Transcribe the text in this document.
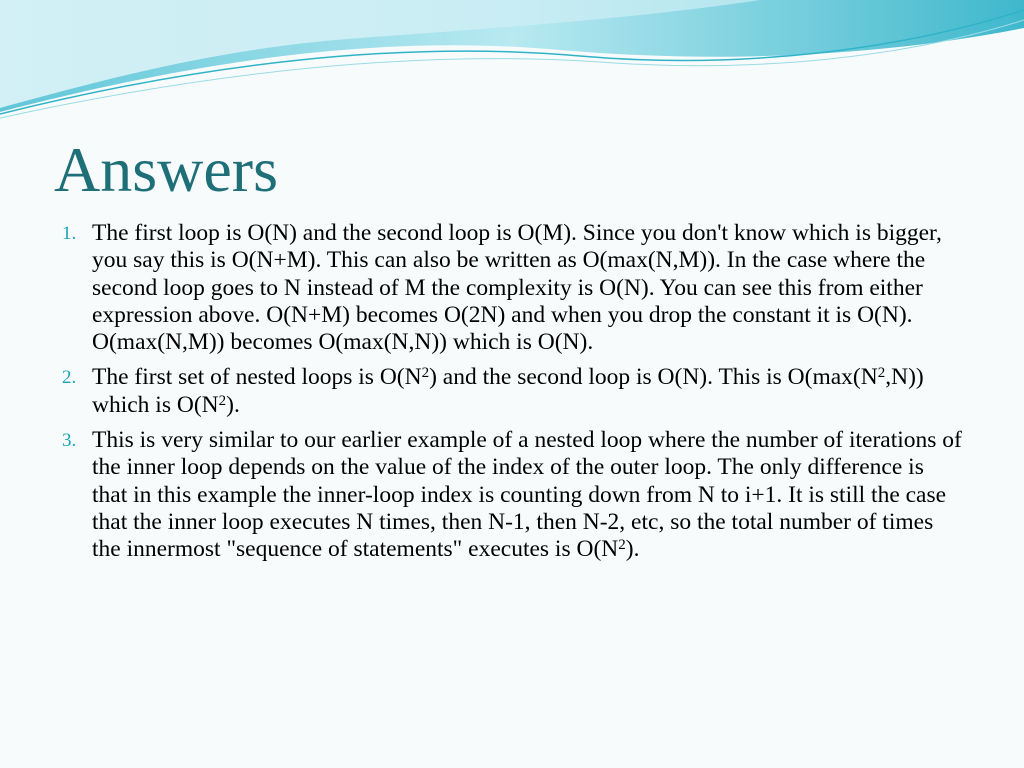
Answers
1. The first loop is O(N) and the second loop is O(M). Since you don't know which is bigger, you say this is O(N+M). This can also be written as O(max(N,M)). In the case where the second loop goes to N instead of M the complexity is O(N). You can see this from either expression above. O(N+M) becomes O(2N) and when you drop the constant it is O(N). O(max(N,M)) becomes O(max(N,N)) which is O(N).
2. The first set of nested loops is $O(N^2)$ and the second loop is O(N). This is $O(\max(N^2,N))$ which is $O(N^2)$.
3. This is very similar to our earlier example of a nested loop where the number of iterations of the inner loop depends on the value of the index of the outer loop. The only difference is that in this example the inner-loop index is counting down from N to i+1. It is still the case that the inner loop executes N times, then N-1, then N-2, etc, so the total number of times the innermost "sequence of statements" executes is $O(N^2)$.
